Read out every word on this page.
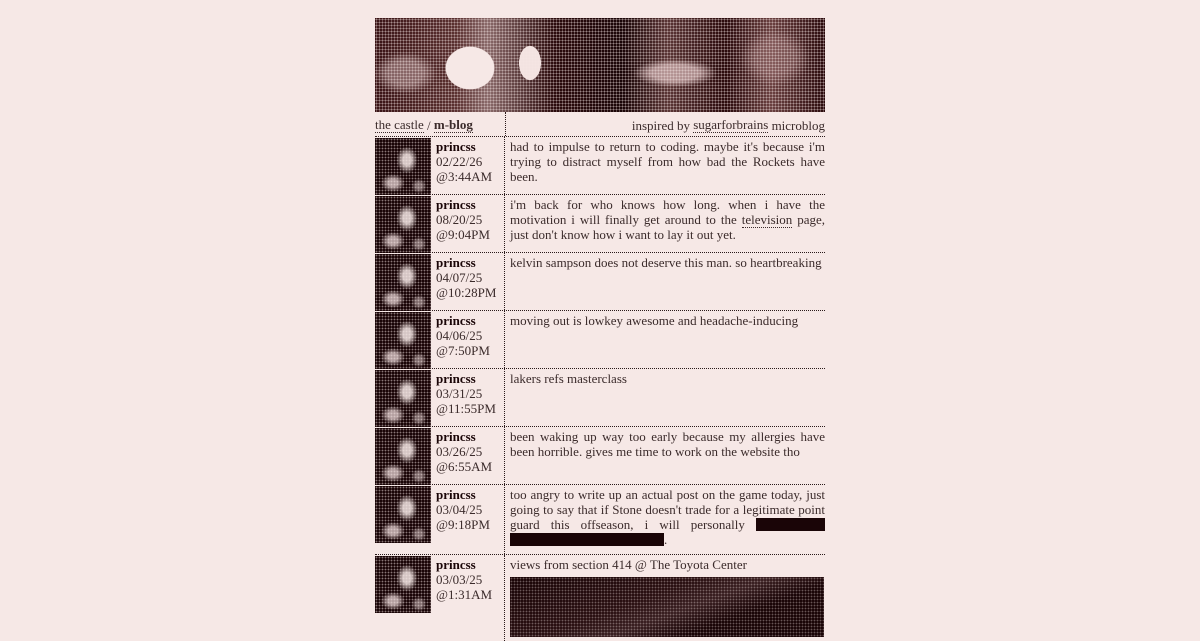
the castle / m-blog	inspired by sugarforbrains microblog
princss
02/22/26
@3:44AM
had to impulse to return to coding. maybe it's because i'm trying to distract myself from how bad the Rockets have been.
princss
08/20/25
@9:04PM
i'm back for who knows how long. when i have the motivation i will finally get around to the television page, just don't know how i want to lay it out yet.
princss
04/07/25
@10:28PM
kelvin sampson does not deserve this man. so heartbreaking
princss
04/06/25
@7:50PM
moving out is lowkey awesome and headache-inducing
princss
03/31/25
@11:55PM
lakers refs masterclass
princss
03/26/25
@6:55AM
been waking up way too early because my allergies have been horrible. gives me time to work on the website tho
princss
03/04/25
@9:18PM
too angry to write up an actual post on the game today, just going to say that if Stone doesn't trade for a legitimate point guard this offseason, i will personally  .
princss
03/03/25
@1:31AM
views from section 414 @ The Toyota Center
